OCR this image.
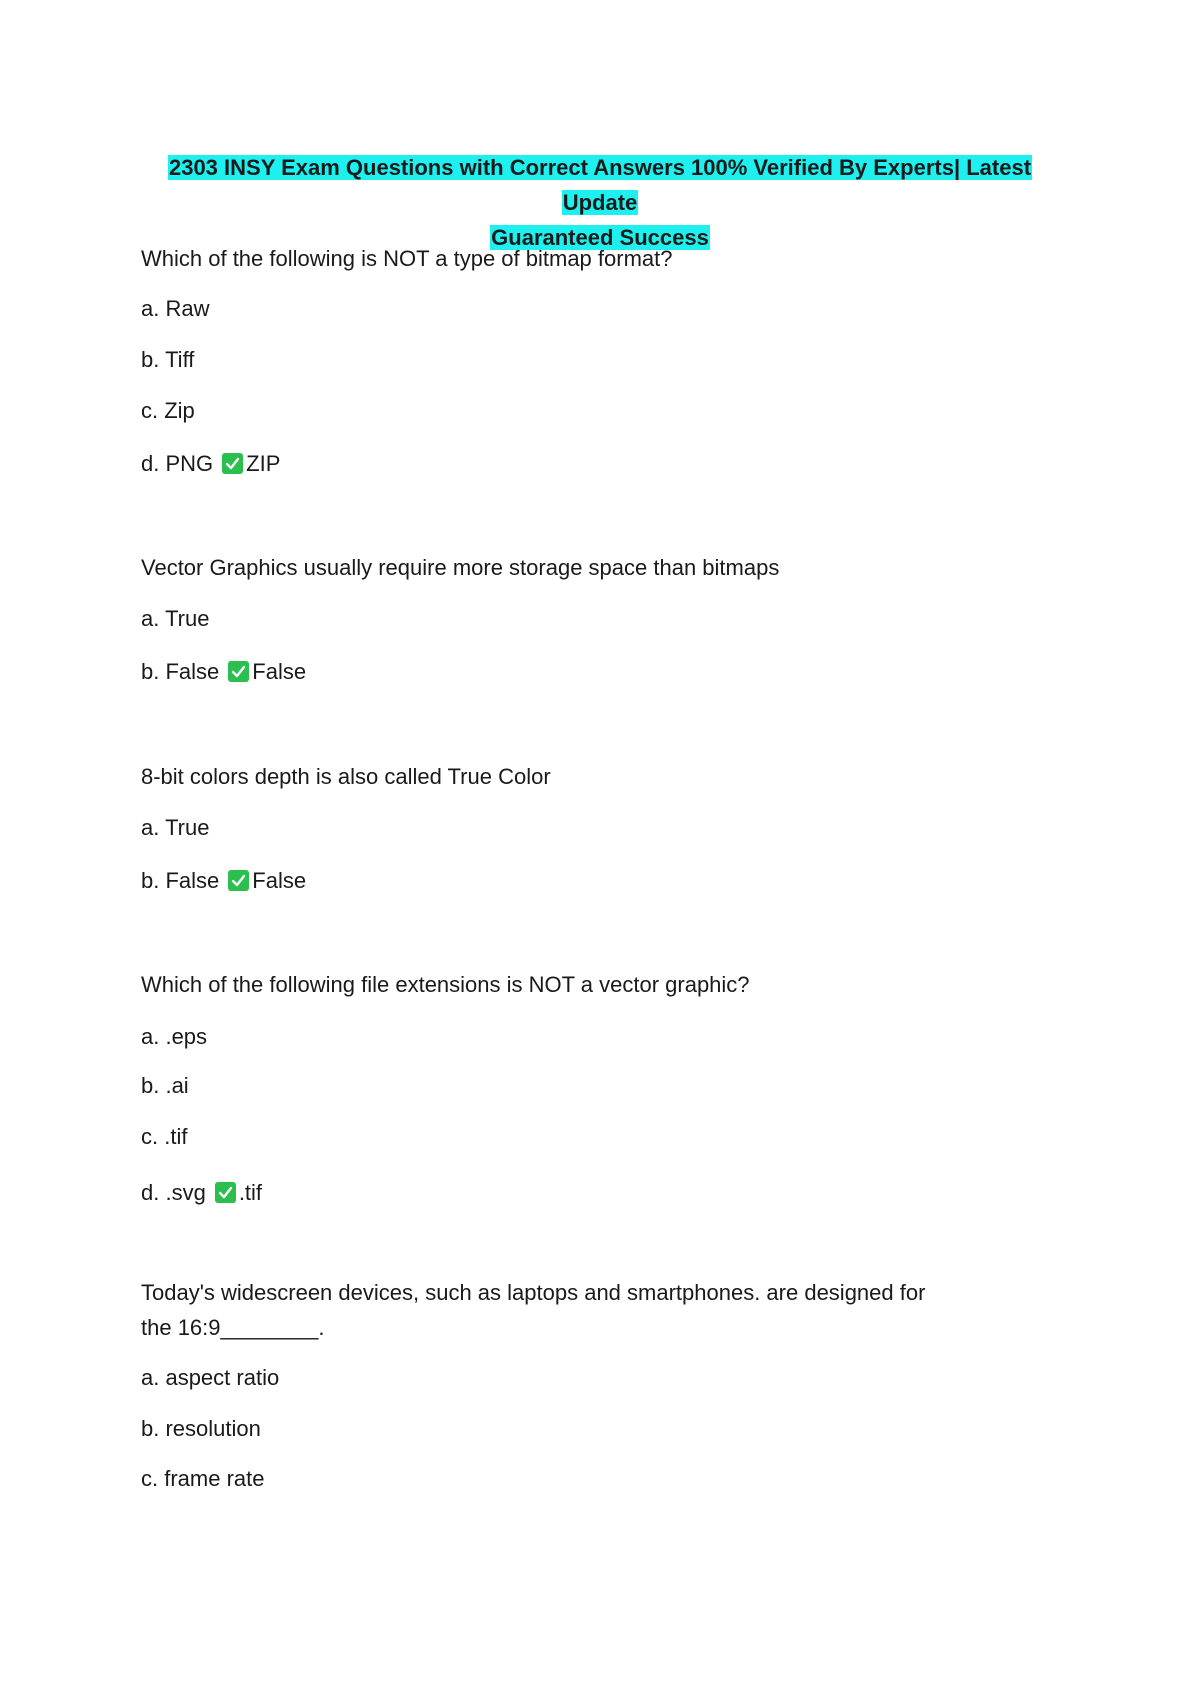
2303 INSY Exam Questions with Correct Answers 100% Verified By Experts| Latest Update
Guaranteed Success
Which of the following is NOT a type of bitmap format?
a. Raw
b. Tiff
c. Zip
d. PNG ZIP
Vector Graphics usually require more storage space than bitmaps
a. True
b. False False
8-bit colors depth is also called True Color
a. True
b. False False
Which of the following file extensions is NOT a vector graphic?
a. .eps
b. .ai
c. .tif
d. .svg .tif
Today's widescreen devices, such as laptops and smartphones. are designed for the 16:9________.
a. aspect ratio
b. resolution
c. frame rate
